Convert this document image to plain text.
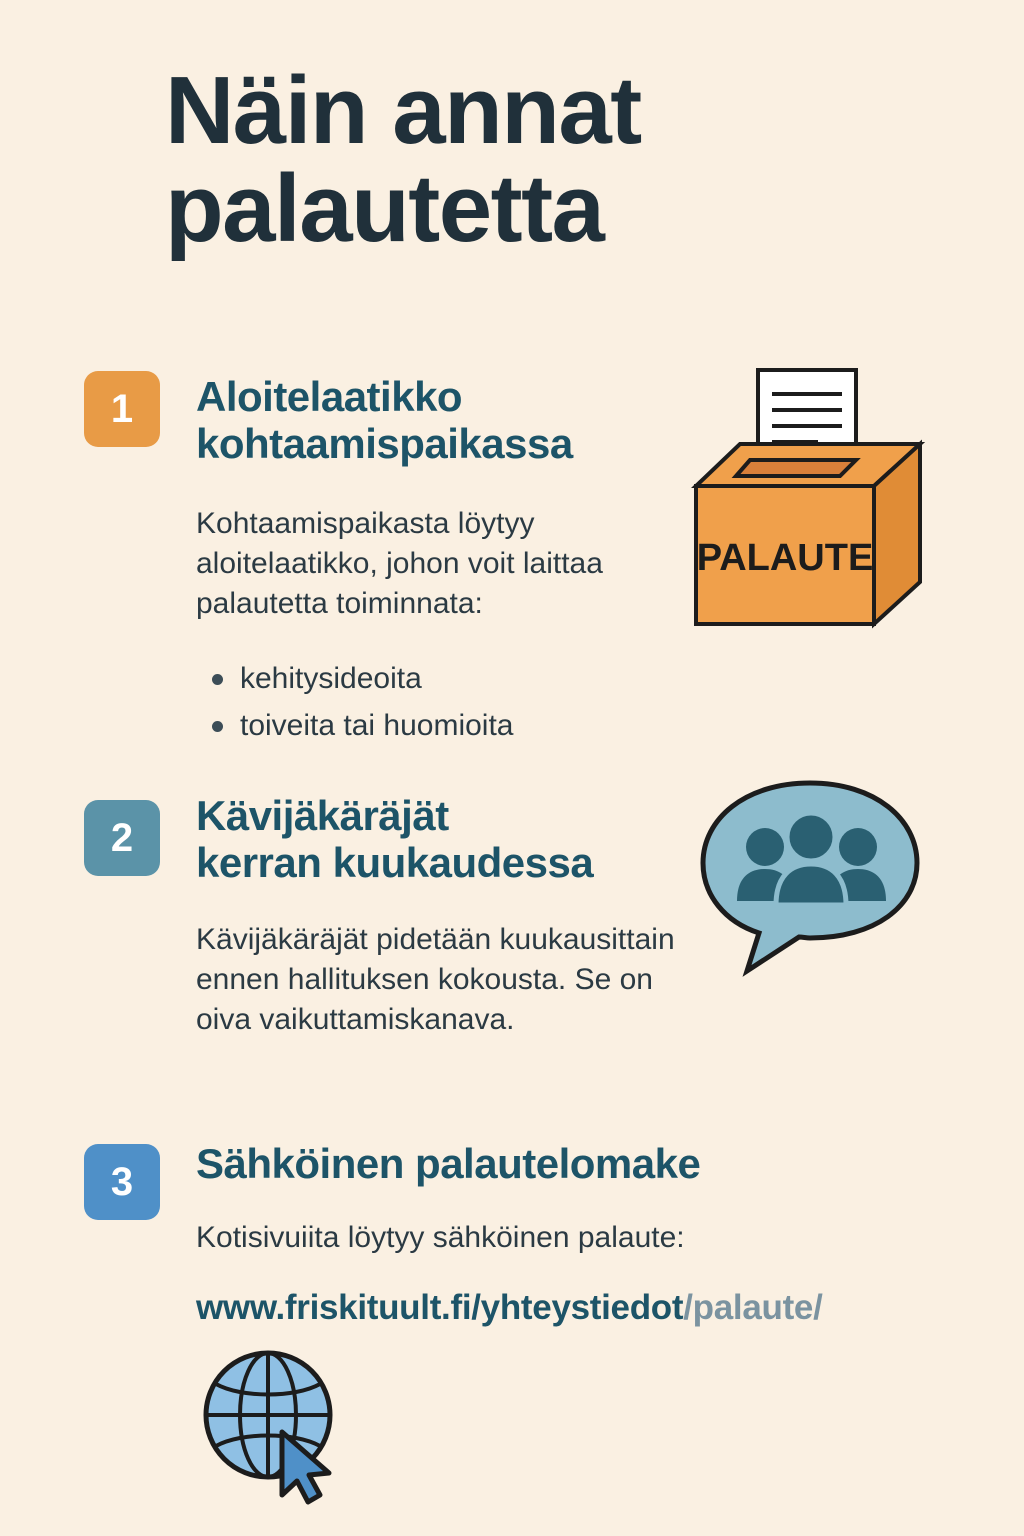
Näin annat
palautetta
1 Aloitelaatikko
kohtaamispaikassa
Kohtaamispaikasta löytyy aloitelaatikko, johon voit laittaa palautetta toiminnata:
kehitysideoita
toiveita tai huomioita
PALAUTE
2 Kävijäkäräjät
kerran kuukaudessa
Kävijäkäräjät pidetään kuukausittain ennen hallituksen kokousta. Se on oiva vaikuttamiskanava.
3 Sähköinen palautelomake
Kotisivuiita löytyy sähköinen palaute:
www.friskituult.fi/yhteystiedot/palaute/
